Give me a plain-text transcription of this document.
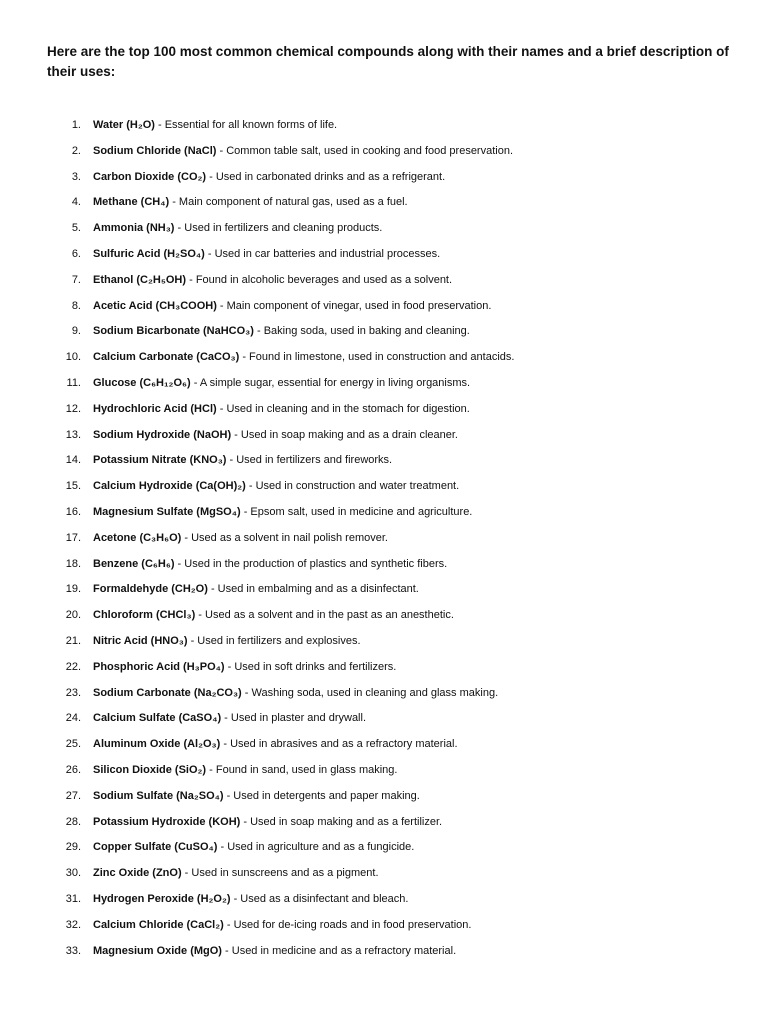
Here are the top 100 most common chemical compounds along with their names and a brief description of their uses:

1. Water (H₂O) - Essential for all known forms of life.
2. Sodium Chloride (NaCl) - Common table salt, used in cooking and food preservation.
3. Carbon Dioxide (CO₂) - Used in carbonated drinks and as a refrigerant.
4. Methane (CH₄) - Main component of natural gas, used as a fuel.
5. Ammonia (NH₃) - Used in fertilizers and cleaning products.
6. Sulfuric Acid (H₂SO₄) - Used in car batteries and industrial processes.
7. Ethanol (C₂H₅OH) - Found in alcoholic beverages and used as a solvent.
8. Acetic Acid (CH₃COOH) - Main component of vinegar, used in food preservation.
9. Sodium Bicarbonate (NaHCO₃) - Baking soda, used in baking and cleaning.
10. Calcium Carbonate (CaCO₃) - Found in limestone, used in construction and antacids.
11. Glucose (C₆H₁₂O₆) - A simple sugar, essential for energy in living organisms.
12. Hydrochloric Acid (HCl) - Used in cleaning and in the stomach for digestion.
13. Sodium Hydroxide (NaOH) - Used in soap making and as a drain cleaner.
14. Potassium Nitrate (KNO₃) - Used in fertilizers and fireworks.
15. Calcium Hydroxide (Ca(OH)₂) - Used in construction and water treatment.
16. Magnesium Sulfate (MgSO₄) - Epsom salt, used in medicine and agriculture.
17. Acetone (C₃H₆O) - Used as a solvent in nail polish remover.
18. Benzene (C₆H₆) - Used in the production of plastics and synthetic fibers.
19. Formaldehyde (CH₂O) - Used in embalming and as a disinfectant.
20. Chloroform (CHCl₃) - Used as a solvent and in the past as an anesthetic.
21. Nitric Acid (HNO₃) - Used in fertilizers and explosives.
22. Phosphoric Acid (H₃PO₄) - Used in soft drinks and fertilizers.
23. Sodium Carbonate (Na₂CO₃) - Washing soda, used in cleaning and glass making.
24. Calcium Sulfate (CaSO₄) - Used in plaster and drywall.
25. Aluminum Oxide (Al₂O₃) - Used in abrasives and as a refractory material.
26. Silicon Dioxide (SiO₂) - Found in sand, used in glass making.
27. Sodium Sulfate (Na₂SO₄) - Used in detergents and paper making.
28. Potassium Hydroxide (KOH) - Used in soap making and as a fertilizer.
29. Copper Sulfate (CuSO₄) - Used in agriculture and as a fungicide.
30. Zinc Oxide (ZnO) - Used in sunscreens and as a pigment.
31. Hydrogen Peroxide (H₂O₂) - Used as a disinfectant and bleach.
32. Calcium Chloride (CaCl₂) - Used for de-icing roads and in food preservation.
33. Magnesium Oxide (MgO) - Used in medicine and as a refractory material.
